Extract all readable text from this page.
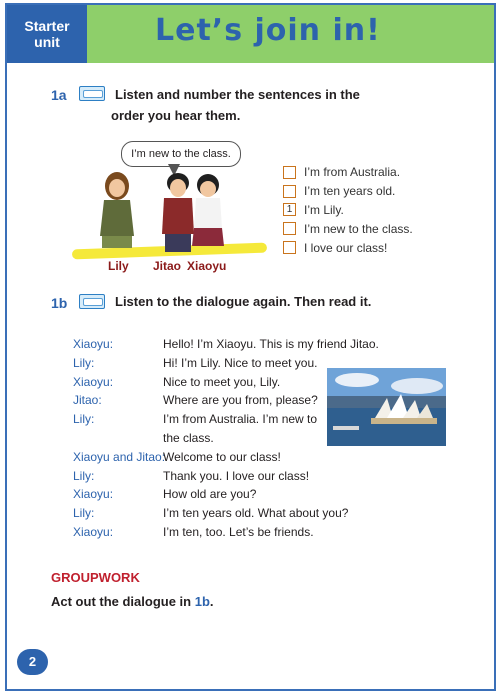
Starter
unit	Let’s join in!
1a	Listen and number the sentences in the
order you hear them.
I’m new to the class.
Lily Jitao Xiaoyu
I’m from Australia.
I’m ten years old.
1 I’m Lily.
I’m new to the class.
I love our class!
1b	Listen to the dialogue again. Then read it.
Xiaoyu:	Hello! I’m Xiaoyu. This is my friend Jitao.
Lily:	Hi! I’m Lily. Nice to meet you.
Xiaoyu:	Nice to meet you, Lily.
Jitao:	Where are you from, please?
Lily:	I’m from Australia. I’m new to
the class.
Xiaoyu and Jitao:
Welcome to our class!
Lily:	Thank you. I love our class!
Xiaoyu:	How old are you?
Lily:	I’m ten years old. What about you?
Xiaoyu:	I’m ten, too. Let’s be friends.
GROUPWORK
Act out the dialogue in 1b.
2
